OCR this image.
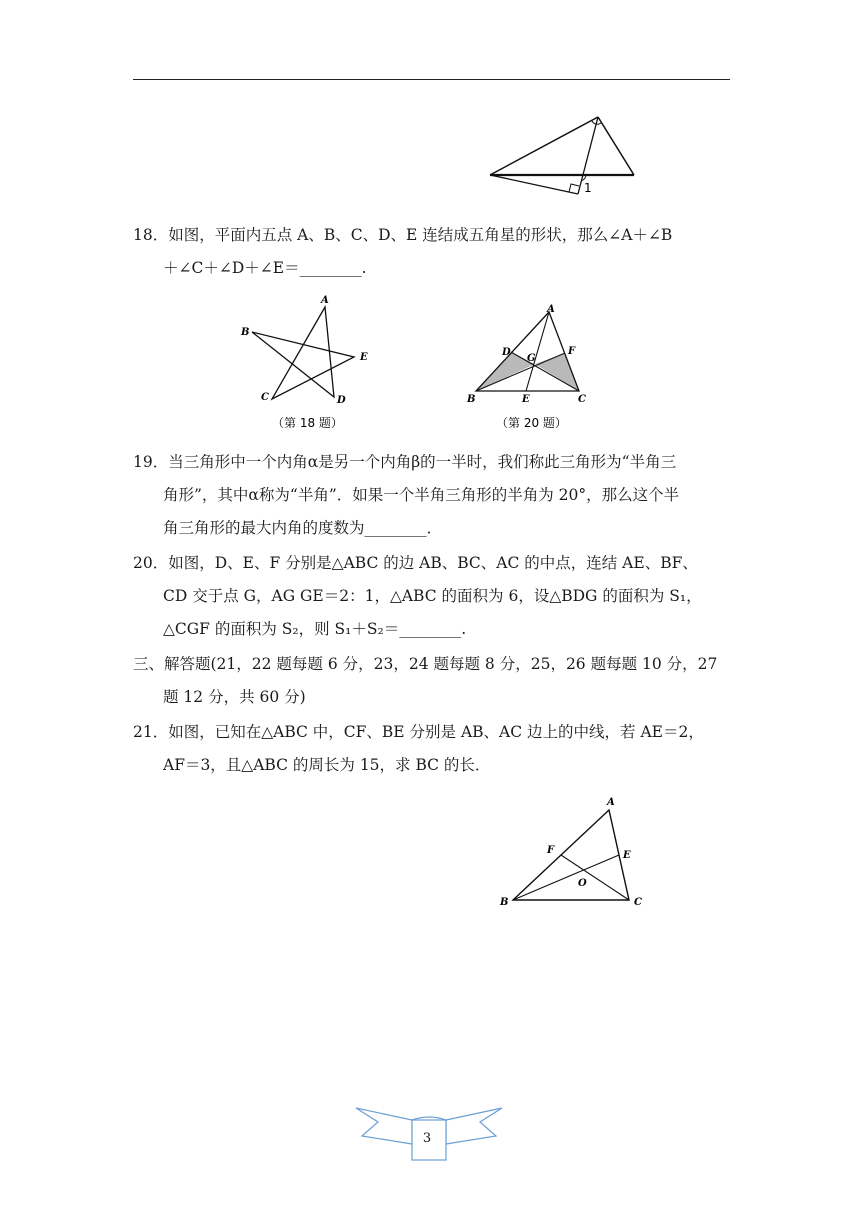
1
18．如图，平面内五点 A、B、C、D、E 连结成五角星的形状，那么∠A＋∠B
＋∠C＋∠D＋∠E＝________.
A
B
E
C	D
（第 18 题）
A
D
G
F
B	E	C
（第 20 题）
19．当三角形中一个内角α是另一个内角β的一半时，我们称此三角形为“半角三
角形”，其中α称为“半角”．如果一个半角三角形的半角为 20°，那么这个半
角三角形的最大内角的度数为________．
20．如图，D、E、F 分别是△ABC 的边 AB、BC、AC 的中点，连结 AE、BF、
CD 交于点 G，AG GE＝2：1，△ABC 的面积为 6，设△BDG 的面积为 S₁，
△CGF 的面积为 S₂，则 S₁＋S₂＝________.
三、解答题(21，22 题每题 6 分，23，24 题每题 8 分，25，26 题每题 10 分，27
题 12 分，共 60 分)
21．如图，已知在△ABC 中，CF、BE 分别是 AB、AC 边上的中线，若 AE＝2，
AF＝3，且△ABC 的周长为 15，求 BC 的长．
A
F	E
O
B	C
3
